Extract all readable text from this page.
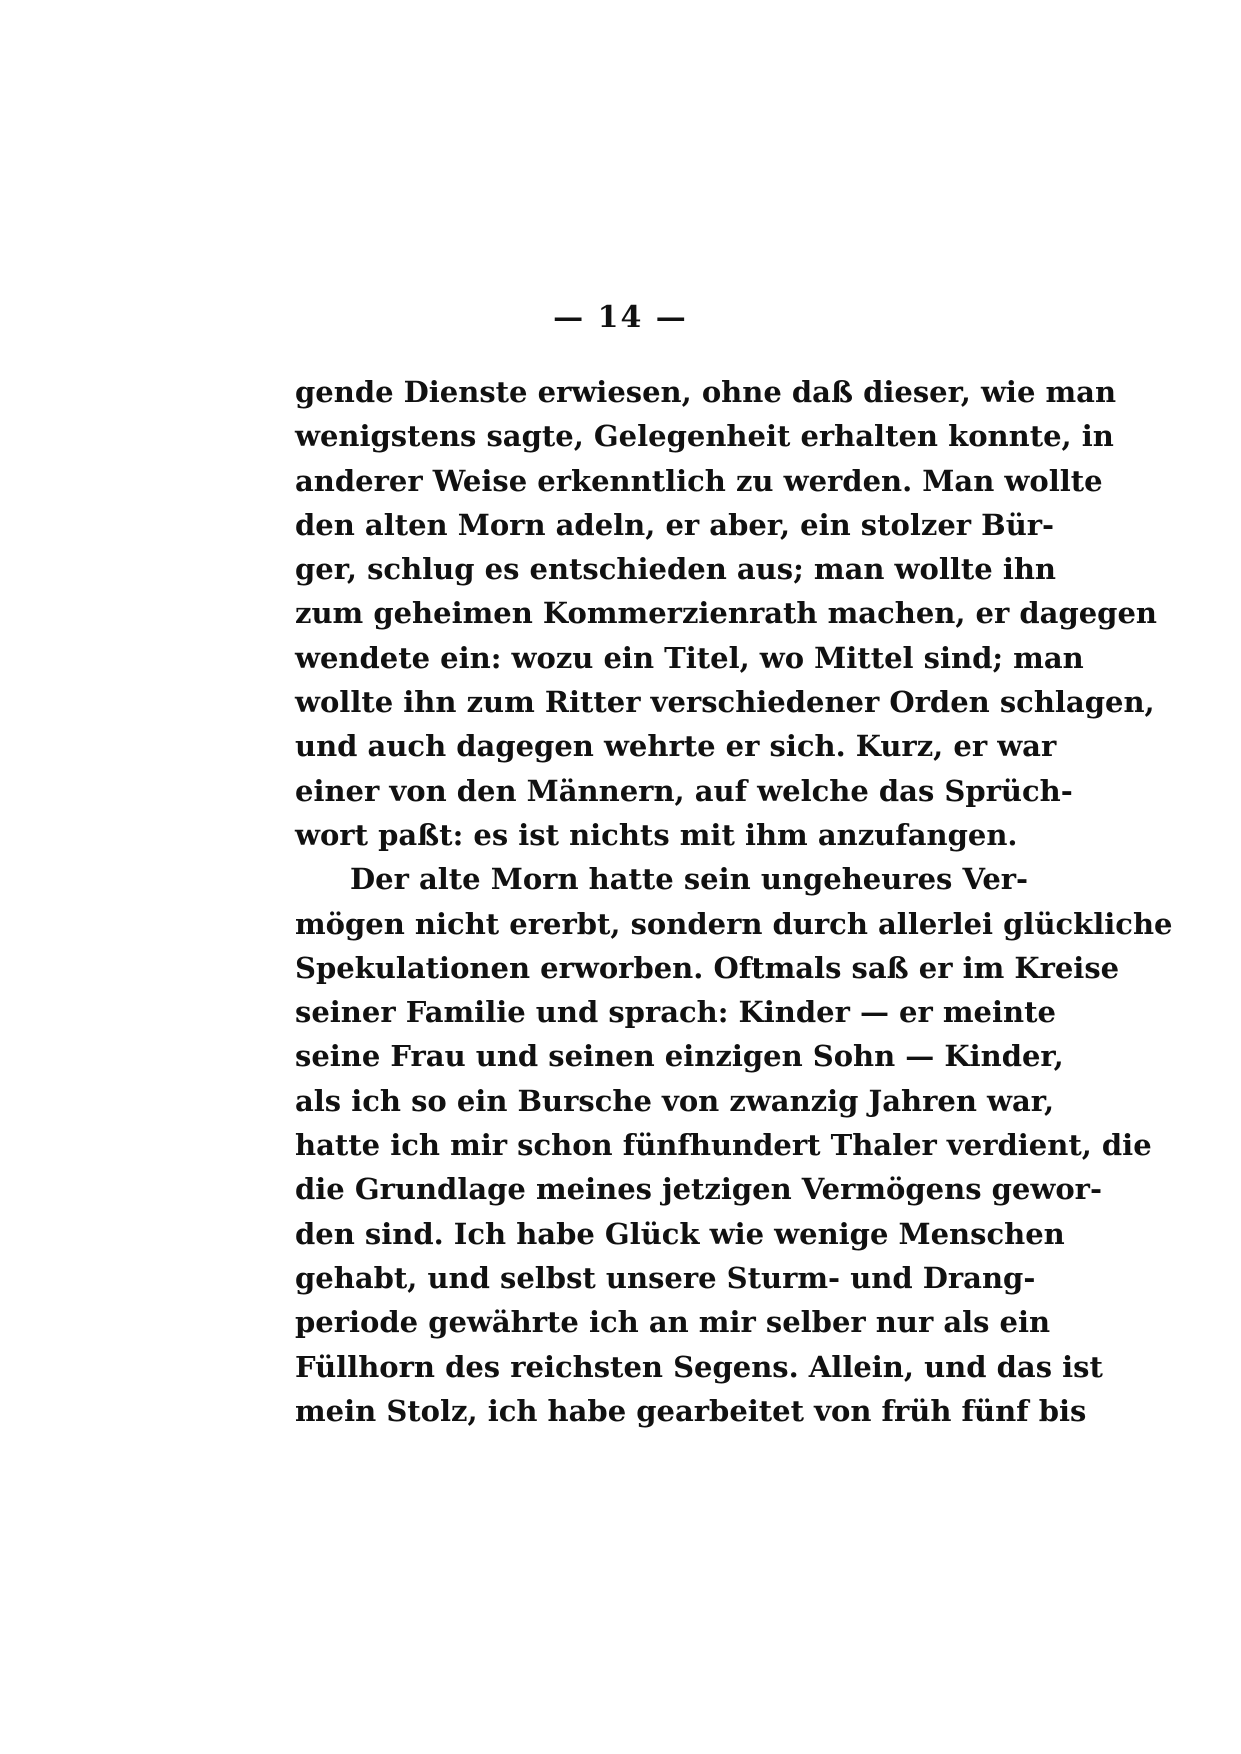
— 14 —
gende Dienste erwiesen, ohne daß dieser, wie man
wenigstens sagte, Gelegenheit erhalten konnte, in
anderer Weise erkenntlich zu werden. Man wollte
den alten Morn adeln, er aber, ein stolzer Bür-
ger, schlug es entschieden aus; man wollte ihn
zum geheimen Kommerzienrath machen, er dagegen
wendete ein: wozu ein Titel, wo Mittel sind; man
wollte ihn zum Ritter verschiedener Orden schlagen,
und auch dagegen wehrte er sich. Kurz, er war
einer von den Männern, auf welche das Sprüch-
wort paßt: es ist nichts mit ihm anzufangen.
Der alte Morn hatte sein ungeheures Ver-
mögen nicht ererbt, sondern durch allerlei glückliche
Spekulationen erworben. Oftmals saß er im Kreise
seiner Familie und sprach: Kinder — er meinte
seine Frau und seinen einzigen Sohn — Kinder,
als ich so ein Bursche von zwanzig Jahren war,
hatte ich mir schon fünfhundert Thaler verdient, die
die Grundlage meines jetzigen Vermögens gewor-
den sind. Ich habe Glück wie wenige Menschen
gehabt, und selbst unsere Sturm- und Drang-
periode gewährte ich an mir selber nur als ein
Füllhorn des reichsten Segens. Allein, und das ist
mein Stolz, ich habe gearbeitet von früh fünf bis
